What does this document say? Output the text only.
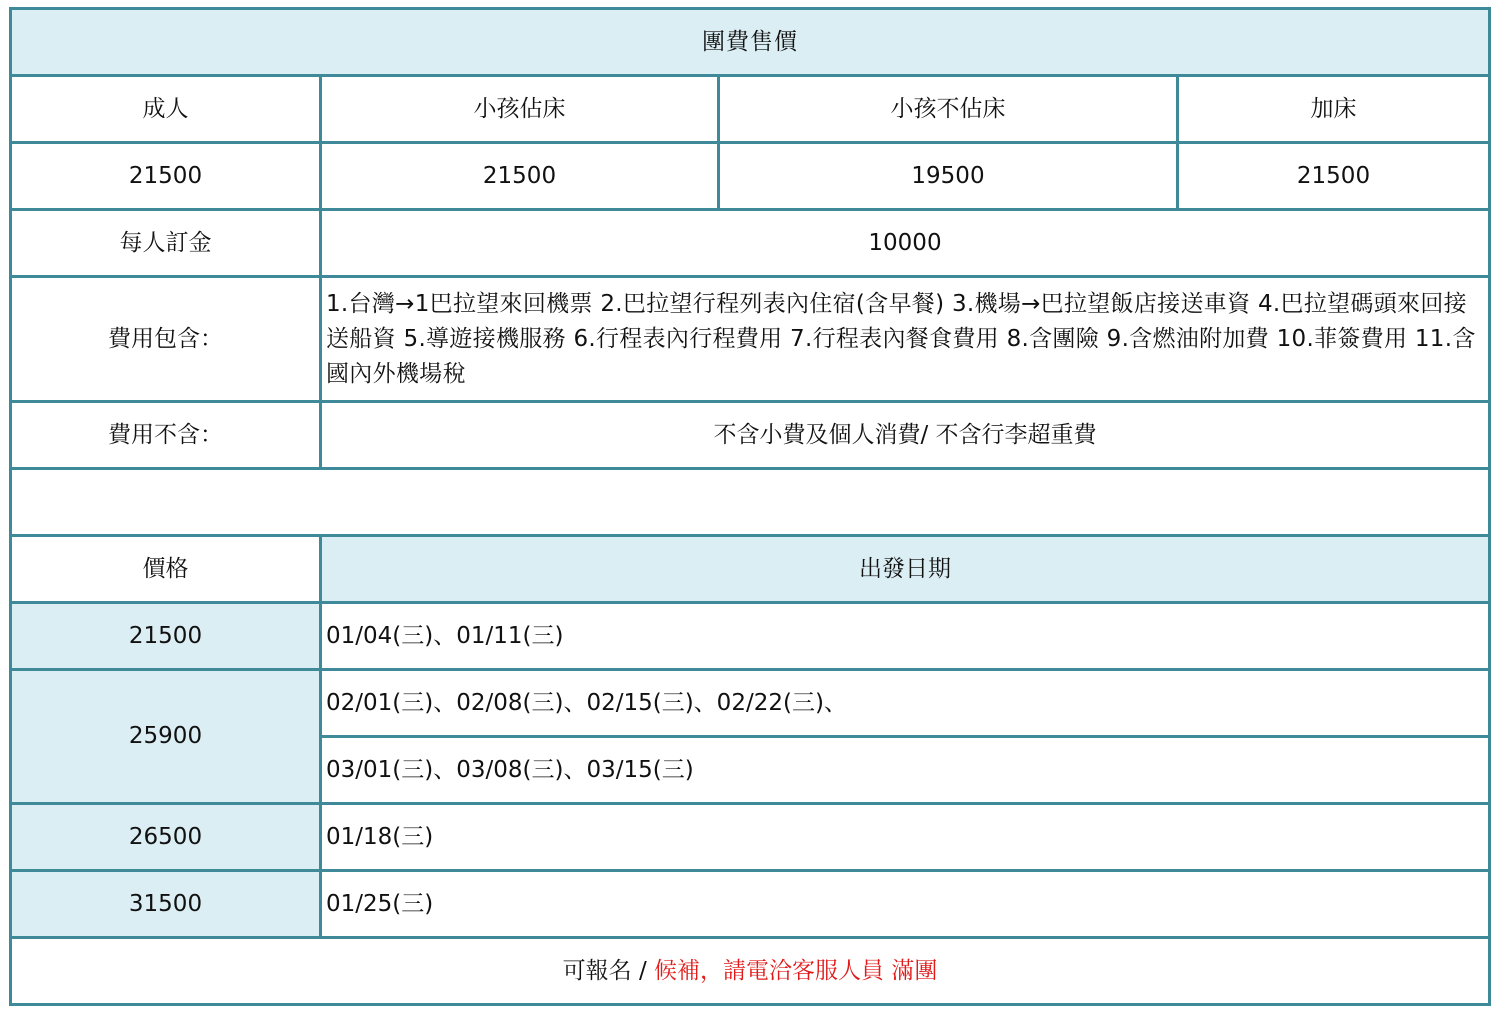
團費售價			
成人	小孩佔床	小孩不佔床	加床
21500	21500	19500	21500
每人訂金	10000		
費用包含：	1.台灣→1巴拉望來回機票 2.巴拉望行程列表內住宿(含早餐) 3.機場→巴拉望飯店接送車資 4.巴拉望碼頭來回接送船資 5.導遊接機服務 6.行程表內行程費用 7.行程表內餐食費用 8.含團險 9.含燃油附加費 10.菲簽費用 11.含國內外機場稅		
費用不含：	不含小費及個人消費/ 不含行李超重費		

價格	出發日期		
21500	01/04(三)、01/11(三)		
25900	02/01(三)、02/08(三)、02/15(三)、02/22(三)、		
	03/01(三)、03/08(三)、03/15(三)		
26500	01/18(三)		
31500	01/25(三)		
可報名 / 候補，請電洽客服人員 滿團			
